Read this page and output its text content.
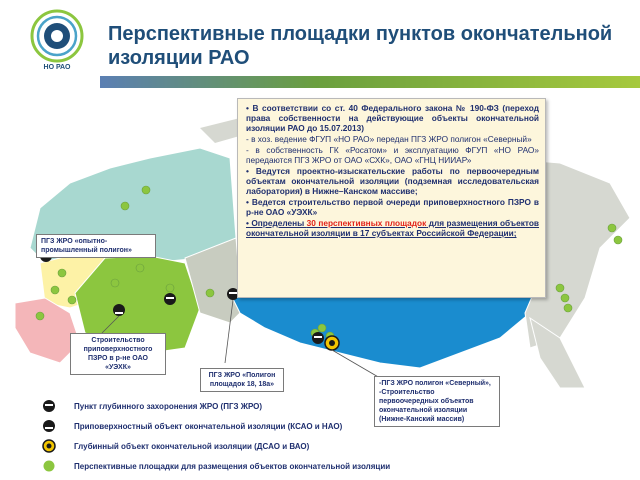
НО РАО
Перспективные площадки пунктов окончательной
изоляции РАО

• В соответствии со ст. 40 Федерального закона № 190-ФЗ (переход права собственности на действующие объекты окончательной изоляции РАО до 15.07.2013)

- в хоз. ведение ФГУП «НО РАО» передан ПГЗ ЖРО полигон «Северный»

- в собственность ГК «Росатом» и эксплуатацию ФГУП «НО РАО» передаются ПГЗ ЖРО от ОАО «СХК», ОАО «ГНЦ НИИАР»

• Ведутся проектно-изыскательские работы по первоочередным объектам окончательной изоляции (подземная исследовательская лаборатория) в Нижне–Канском массиве;

• Ведется строительство первой очереди приповерхностного ПЗРО в р-не ОАО «УЭХК»

• Определены 30 перспективных площадок для размещения объектов окончательной изоляции в 17 субъектах Российской Федерации;

ПГЗ ЖРО «опытно-промышленный полигон»
Строительство приповерхностного ПЗРО в р-не ОАО «УЭХК»
ПГЗ ЖРО «Полигон площадок 18, 18а»	-ПГЗ ЖРО полигон «Северный»,
-Строительство первоочередных объектов окончательной изоляции (Нижне-Канский массив)
Пункт глубинного захоронения ЖРО (ПГЗ ЖРО)
Приповерхностный объект окончательной изоляции (КСАО и НАО)
Глубинный объект окончательной изоляции (ДСАО и ВАО)
Перспективные площадки для размещения объектов окончательной изоляции
